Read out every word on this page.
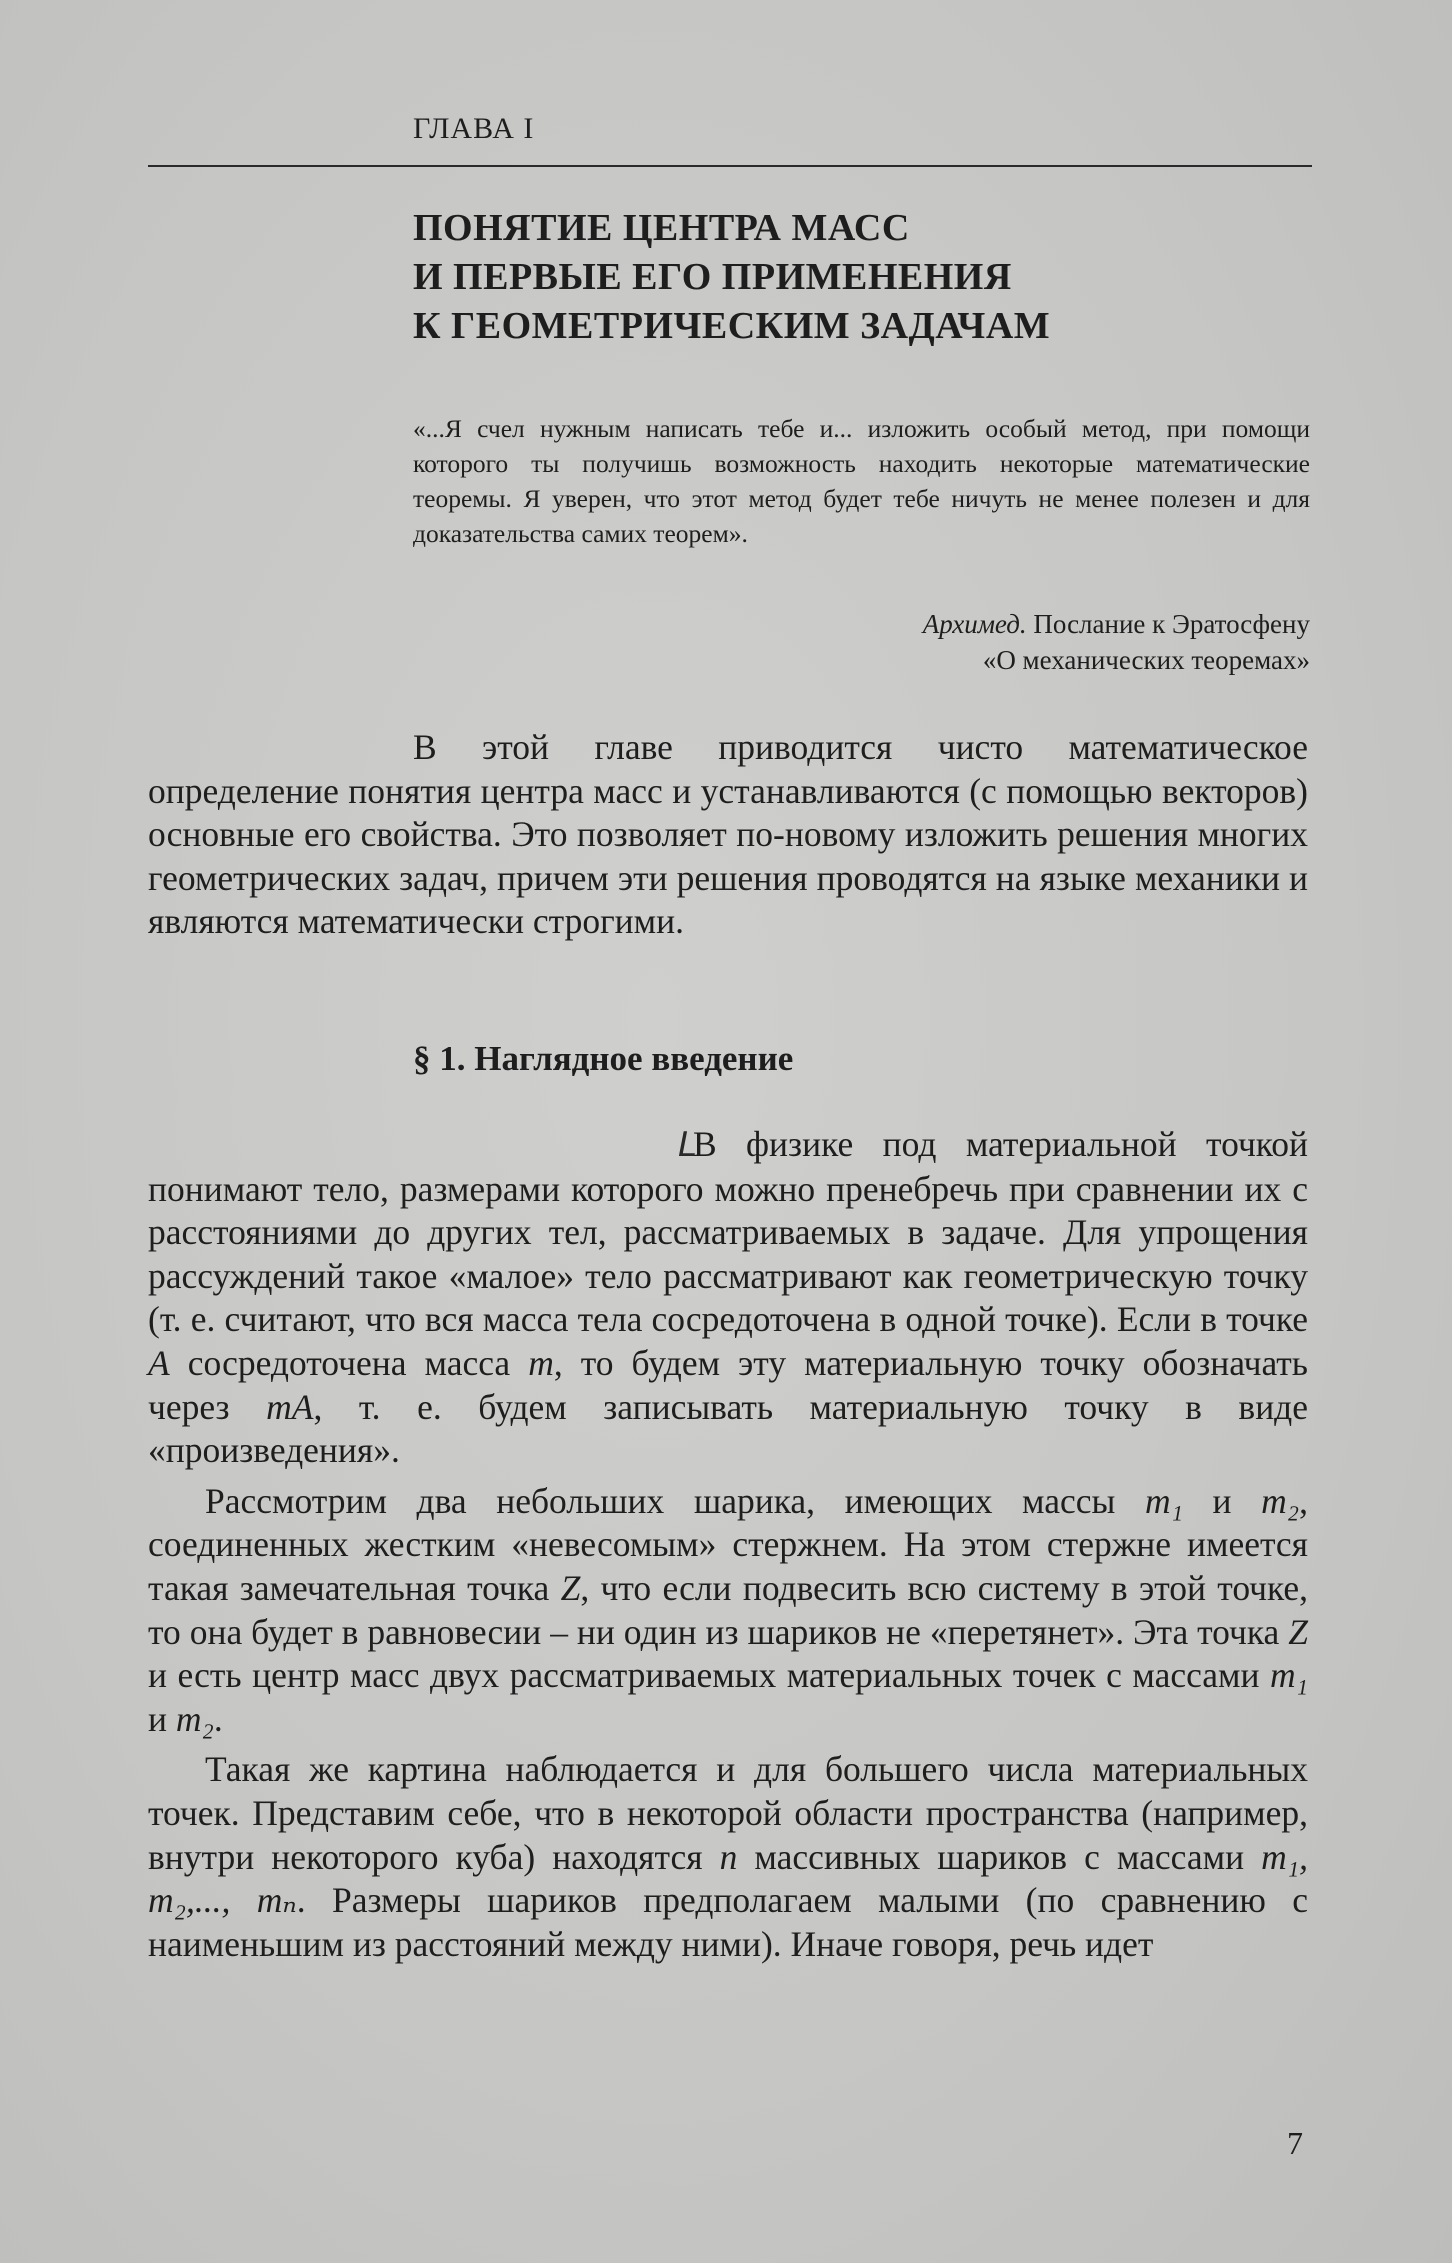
ГЛАВА I
ПОНЯТИЕ ЦЕНТРА МАСС
И ПЕРВЫЕ ЕГО ПРИМЕНЕНИЯ
К ГЕОМЕТРИЧЕСКИМ ЗАДАЧАМ
«...Я счел нужным написать тебе и... изложить особый метод, при помощи которого ты получишь возможность находить некоторые математические теоремы. Я уверен, что этот метод будет тебе ничуть не менее полезен и для доказательства самих теорем».
Архимед. Послание к Эратосфену
«О механических теоремах»

В этой главе приводится чисто математическое определение понятия центра масс и устанавливаются (с помощью векторов) основные его свойства. Это позволяет по-новому изложить решения многих геометрических задач, причем эти решения проводятся на языке механики и являются математически строгими.

§ 1. Наглядное введение

LВ физике под материальной точкой понимают тело, размерами которого можно пренебречь при сравнении их с расстояниями до других тел, рассматриваемых в задаче. Для упрощения рассуждений такое «малое» тело рассматривают как геометрическую точку (т. е. считают, что вся масса тела сосредоточена в одной точке). Если в точке A сосредоточена масса m, то будем эту материальную точку обозначать через mA, т. е. будем записывать материальную точку в виде «произведения».

Рассмотрим два небольших шарика, имеющих массы m₁ и m₂, соединенных жестким «невесомым» стержнем. На этом стержне имеется такая замечательная точка Z, что если подвесить всю систему в этой точке, то она будет в равновесии – ни один из шариков не «перетянет». Эта точка Z и есть центр масс двух рассматриваемых материальных точек с массами m₁ и m₂.

Такая же картина наблюдается и для большего числа материальных точек. Представим себе, что в некоторой области пространства (например, внутри некоторого куба) находятся n массивных шариков с массами m₁, m₂,..., mₙ. Размеры шариков предполагаем малыми (по сравнению с наименьшим из расстояний между ними). Иначе говоря, речь идет

7
